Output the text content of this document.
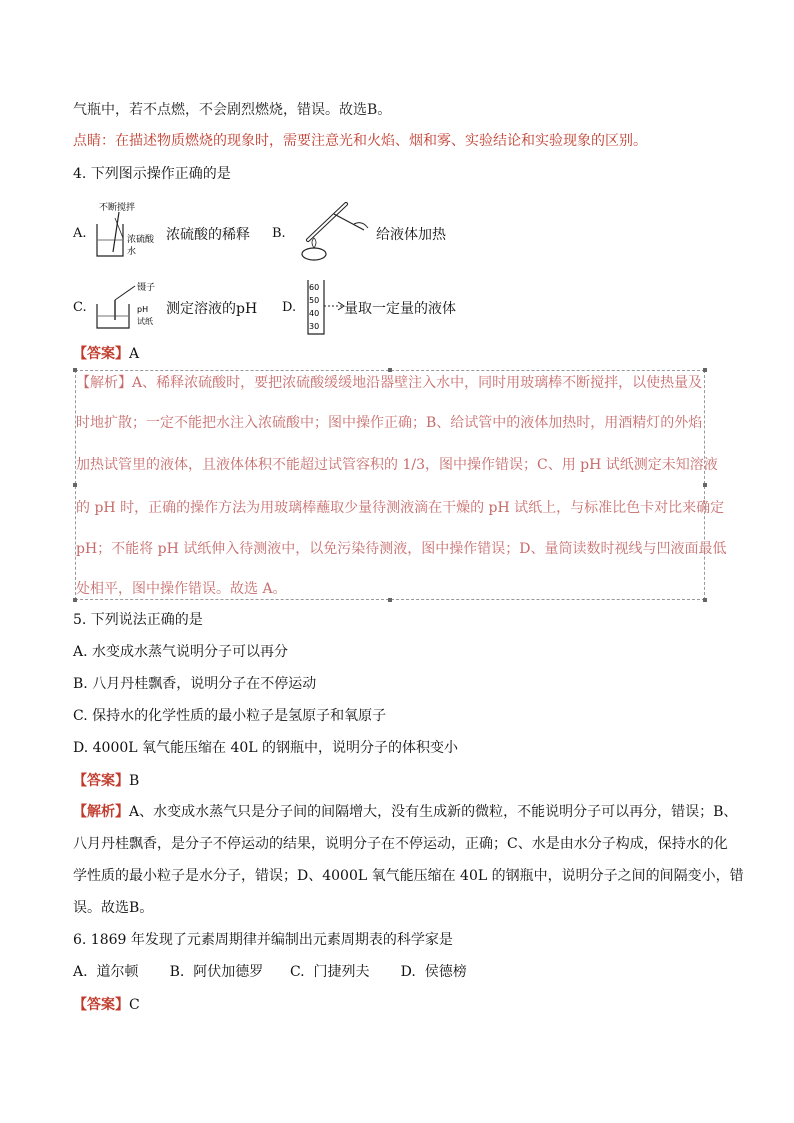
气瓶中，若不点燃，不会剧烈燃烧，错误。故选B。
点睛：在描述物质燃烧的现象时，需要注意光和火焰、烟和雾、实验结论和实验现象的区别。
4. 下列图示操作正确的是
A.
不断搅拌
浓硫酸
水
浓硫酸的稀释 B.	给液体加热
C.
镊子
pH
试纸
测定溶液的pH D.
60
50
40
30
量取一定量的液体
【答案】A
【解析】A、稀释浓硫酸时，要把浓硫酸缓缓地沿器壁注入水中，同时用玻璃棒不断搅拌，以使热量及
时地扩散；一定不能把水注入浓硫酸中；图中操作正确；B、给试管中的液体加热时，用酒精灯的外焰
加热试管里的液体，且液体体积不能超过试管容积的 1/3，图中操作错误；C、用 pH 试纸测定未知溶液
的 pH 时，正确的操作方法为用玻璃棒蘸取少量待测液滴在干燥的 pH 试纸上，与标准比色卡对比来确定
pH；不能将 pH 试纸伸入待测液中，以免污染待测液，图中操作错误；D、量筒读数时视线与凹液面最低
处相平，图中操作错误。故选 A。
5. 下列说法正确的是
A. 水变成水蒸气说明分子可以再分
B. 八月丹桂飘香，说明分子在不停运动
C. 保持水的化学性质的最小粒子是氢原子和氧原子
D. 4000L 氧气能压缩在 40L 的钢瓶中，说明分子的体积变小
【答案】B
【解析】A、水变成水蒸气只是分子间的间隔增大，没有生成新的微粒，不能说明分子可以再分，错误；B、
八月丹桂飘香，是分子不停运动的结果，说明分子在不停运动，正确；C、水是由水分子构成，保持水的化
学性质的最小粒子是水分子，错误；D、4000L 氧气能压缩在 40L 的钢瓶中，说明分子之间的间隔变小，错
误。故选B。
6. 1869 年发现了元素周期律并编制出元素周期表的科学家是
A.  道尔顿       B.  阿伏加德罗      C.  门捷列夫       D.  侯德榜
【答案】C
